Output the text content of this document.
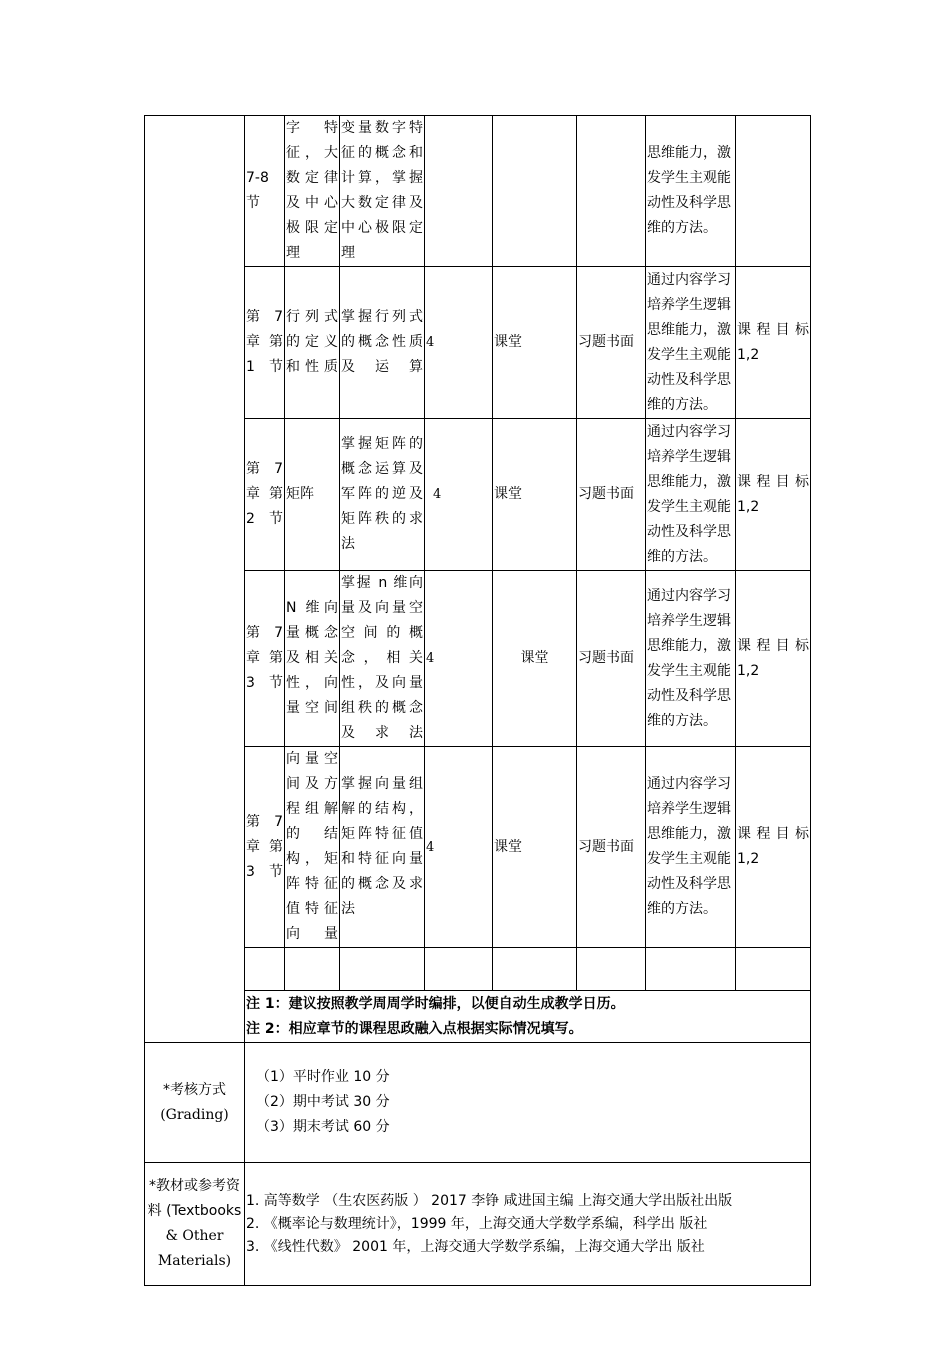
	7-8 节	字特征，大数定律及中心极限定理	变量数字特征的概念和计算，掌握大数定律及中心极限定理				思维能力，激发学生主观能动性及科学思维的方法。	
	第 7 章 第 1节	行列式的定义和性质	掌握行列式的概念性质及运算	4	课堂	习题书面	通过内容学习培养学生逻辑思维能力，激发学生主观能动性及科学思维的方法。	课程目标 1,2
	第 7 章 第 2节	矩阵	掌握矩阵的概念运算及军阵的逆及矩阵秩的求法	4	课堂	习题书面	通过内容学习培养学生逻辑思维能力，激发学生主观能动性及科学思维的方法。	课程目标 1,2
	第 7 章 第 3节	N 维向量概念及相关性，向量空间	掌握 n 维向量及向量空空间的概念，相关性，及向量组秩的概念及求法	4	课堂	习题书面	通过内容学习培养学生逻辑思维能力，激发学生主观能动性及科学思维的方法。	课程目标 1,2
	第 7 章 第 3节	向量空间及方程组解的结构，矩阵特征值特征向量	掌握向量组解的结构，矩阵特征值和特征向量的概念及求法	4	课堂	习题书面	通过内容学习培养学生逻辑思维能力，激发学生主观能动性及科学思维的方法。	课程目标 1,2

	注 1：建议按照教学周周学时编排，以便自动生成教学日历。
注 2：相应章节的课程思政融入点根据实际情况填写。							

*考核方式
(Grading)	（1）平时作业 10 分
（2）期中考试 30 分
（3）期末考试 60 分							

*教材或参考资
料 (Textbooks
& Other
Materials)	1. 高等数学 （生农医药版 ） 2017 李铮 咸进国主编 上海交通大学出版社出版
2. 《概率论与数理统计》，1999 年，上海交通大学数学系编，科学出 版社
3. 《线性代数》 2001 年，上海交通大学数学系编，上海交通大学出 版社							
